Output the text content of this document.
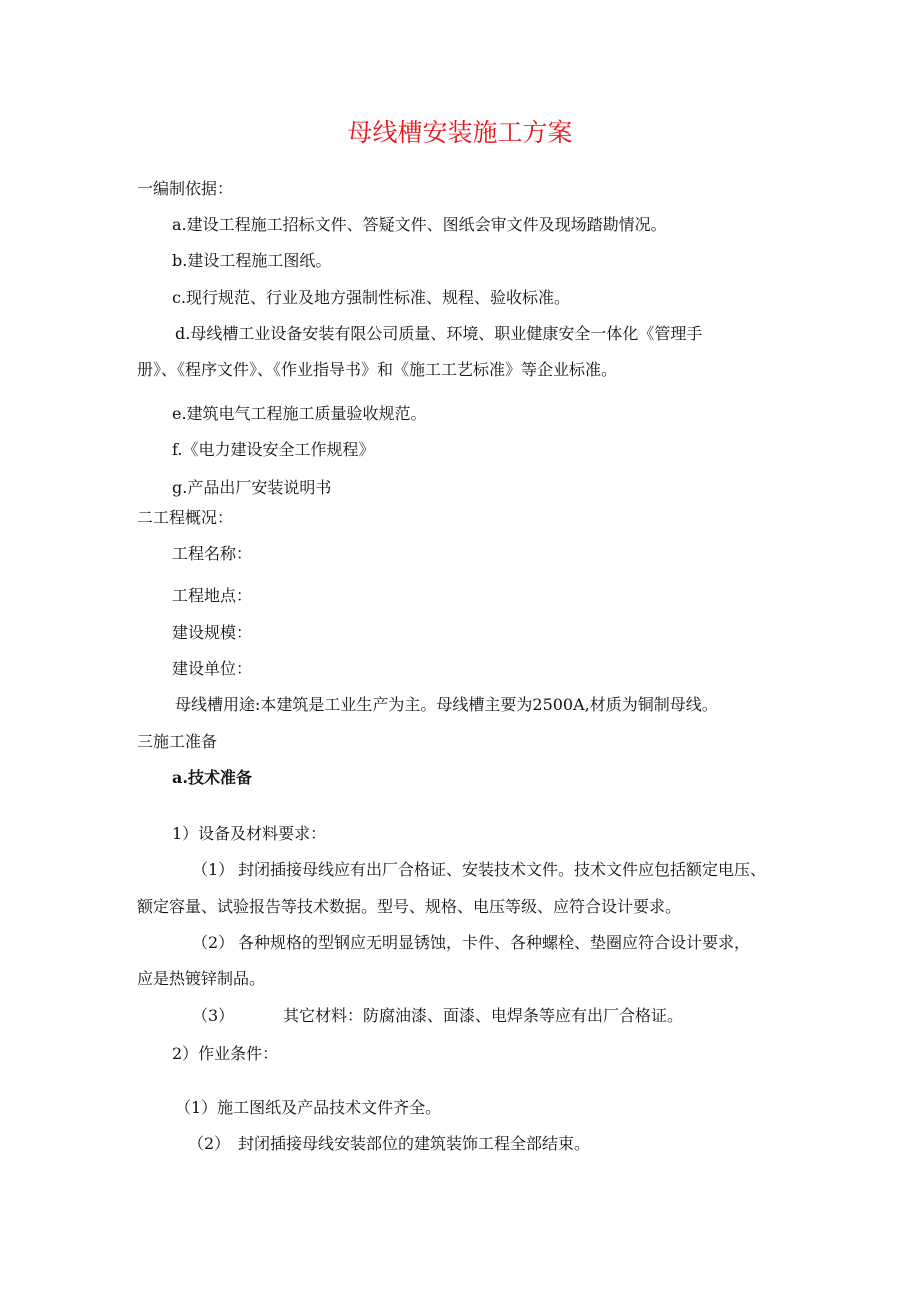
母线槽安装施工方案
一编制依据：
a.建设工程施工招标文件、答疑文件、图纸会审文件及现场踏勘情况。
b.建设工程施工图纸。
c.现行规范、行业及地方强制性标准、规程、验收标准。
d.母线槽工业设备安装有限公司质量、环境、职业健康安全一体化《管理手
册》、《程序文件》、《作业指导书》和《施工工艺标准》等企业标准。
e.建筑电气工程施工质量验收规范。
f.《电力建设安全工作规程》
g.产品出厂安装说明书
二工程概况：
工程名称：
工程地点：
建设规模：
建设单位：
母线槽用途:本建筑是工业生产为主。母线槽主要为2500A,材质为铜制母线。
三施工准备
a.技术准备
1）设备及材料要求：
（1） 封闭插接母线应有出厂合格证、安装技术文件。技术文件应包括额定电压、
额定容量、试验报告等技术数据。型号、规格、电压等级、应符合设计要求。
（2） 各种规格的型钢应无明显锈蚀，卡件、各种螺栓、垫圈应符合设计要求，
应是热镀锌制品。
（3）	其它材料：防腐油漆、面漆、电焊条等应有出厂合格证。
2）作业条件：
（1）施工图纸及产品技术文件齐全。
（2） 封闭插接母线安装部位的建筑装饰工程全部结束。
